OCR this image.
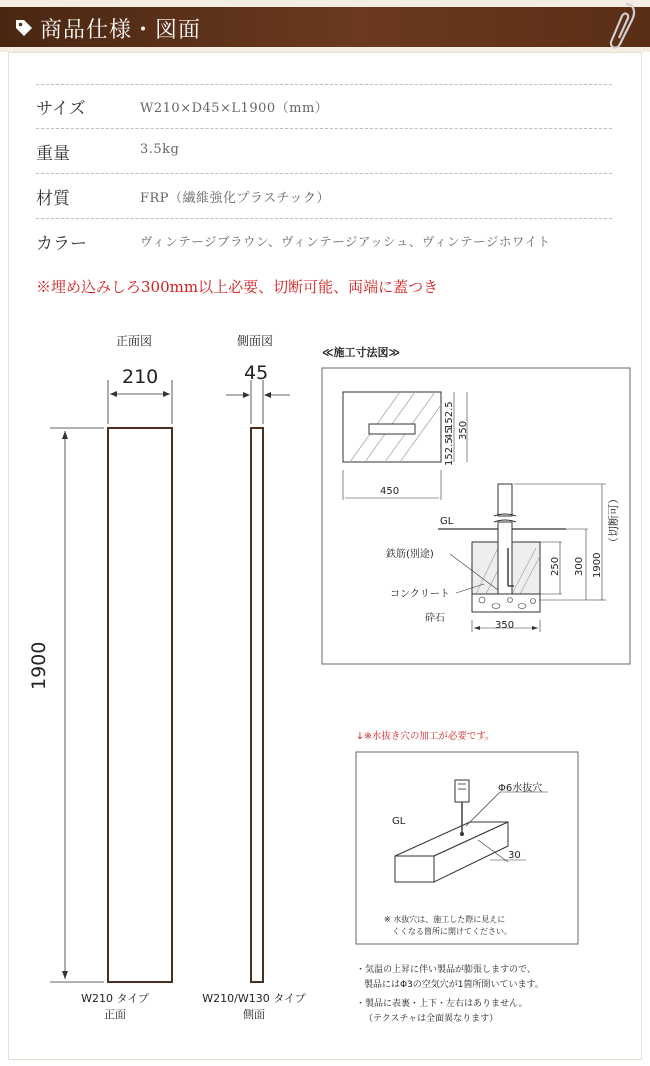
商品仕様・図面
サイズ	W210×D45×L1900（mm）
重量	3.5kg
材質	FRP（繊維強化プラスチック）
カラー	ヴィンテージブラウン、ヴィンテージアッシュ、ヴィンテージホワイト
※埋め込みしろ300mm以上必要、切断可能、両端に蓋つき
正面図	側面図
210	45
1900
W210 タイプ
正面
W210/W130 タイプ
側面
≪施工寸法図≫
152.5
45
152.5
350
450
GL
鉄筋(別途)
コンクリート
砕石
350
250 300 1900
（切断可）
↓※水抜き穴の加工が必要です。
Φ6水抜穴
GL
30
※ 水抜穴は、施工した際に見えに
くくなる箇所に開けてください。
・気温の上昇に伴い製品が膨張しますので、
製品にはΦ3の空気穴が1箇所開いています。
・製品に表裏・上下・左右はありません。
（テクスチャは全面異なります）
